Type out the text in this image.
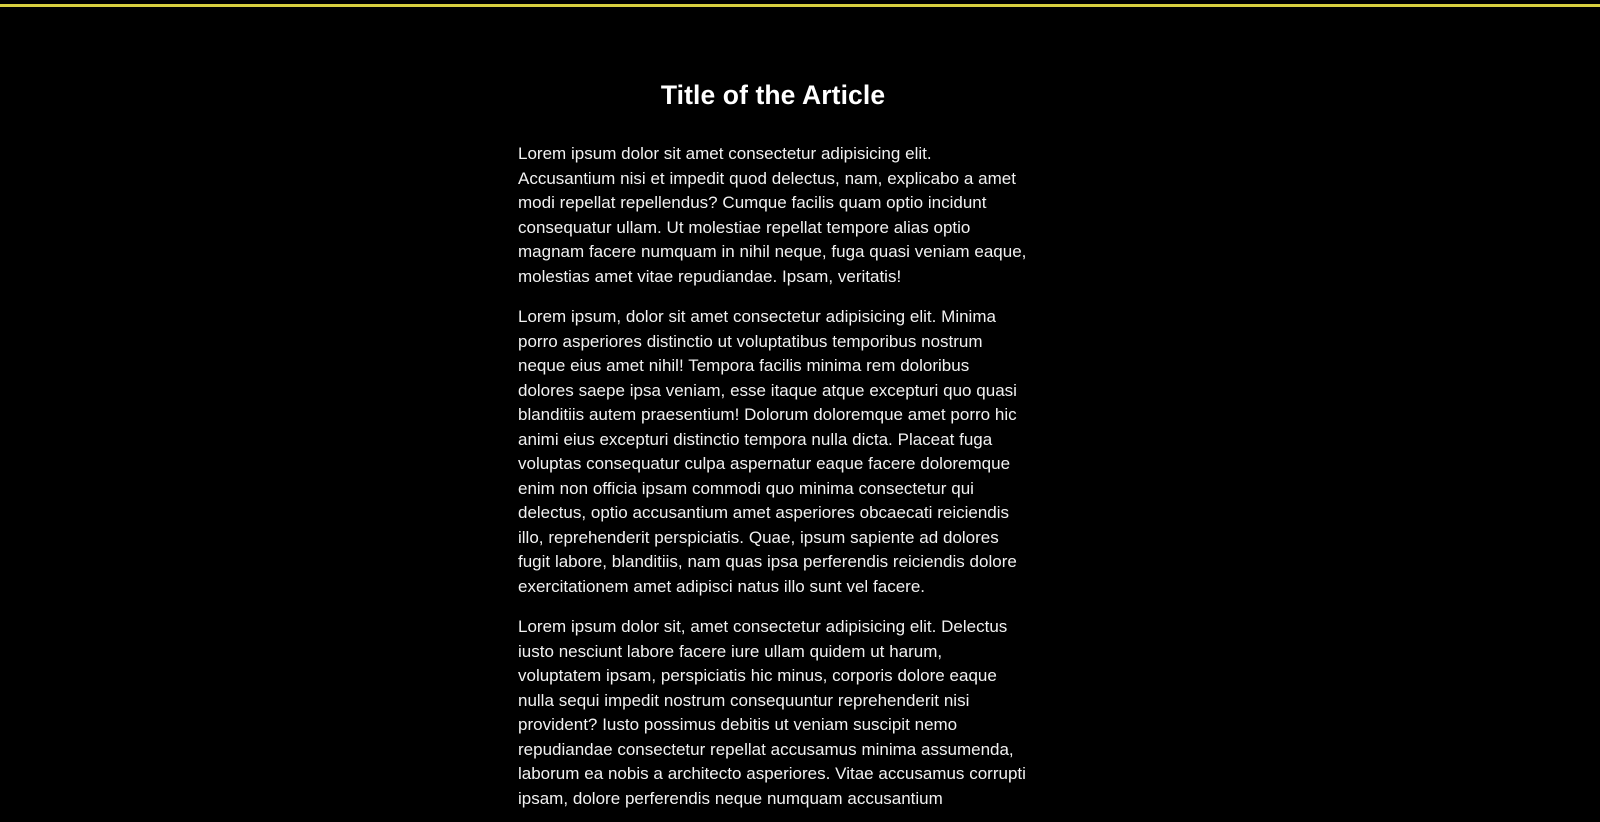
Title of the Article

Lorem ipsum dolor sit amet consectetur adipisicing elit. Accusantium nisi et impedit quod delectus, nam, explicabo a amet modi repellat repellendus? Cumque facilis quam optio incidunt consequatur ullam. Ut molestiae repellat tempore alias optio magnam facere numquam in nihil neque, fuga quasi veniam eaque, molestias amet vitae repudiandae. Ipsam, veritatis!

Lorem ipsum, dolor sit amet consectetur adipisicing elit. Minima porro asperiores distinctio ut voluptatibus temporibus nostrum neque eius amet nihil! Tempora facilis minima rem doloribus dolores saepe ipsa veniam, esse itaque atque excepturi quo quasi blanditiis autem praesentium! Dolorum doloremque amet porro hic animi eius excepturi distinctio tempora nulla dicta. Placeat fuga voluptas consequatur culpa aspernatur eaque facere doloremque enim non officia ipsam commodi quo minima consectetur qui delectus, optio accusantium amet asperiores obcaecati reiciendis illo, reprehenderit perspiciatis. Quae, ipsum sapiente ad dolores fugit labore, blanditiis, nam quas ipsa perferendis reiciendis dolore exercitationem amet adipisci natus illo sunt vel facere.

Lorem ipsum dolor sit, amet consectetur adipisicing elit. Delectus iusto nesciunt labore facere iure ullam quidem ut harum, voluptatem ipsam, perspiciatis hic minus, corporis dolore eaque nulla sequi impedit nostrum consequuntur reprehenderit nisi provident? Iusto possimus debitis ut veniam suscipit nemo repudiandae consectetur repellat accusamus minima assumenda, laborum ea nobis a architecto asperiores. Vitae accusamus corrupti ipsam, dolore perferendis neque numquam accusantium
